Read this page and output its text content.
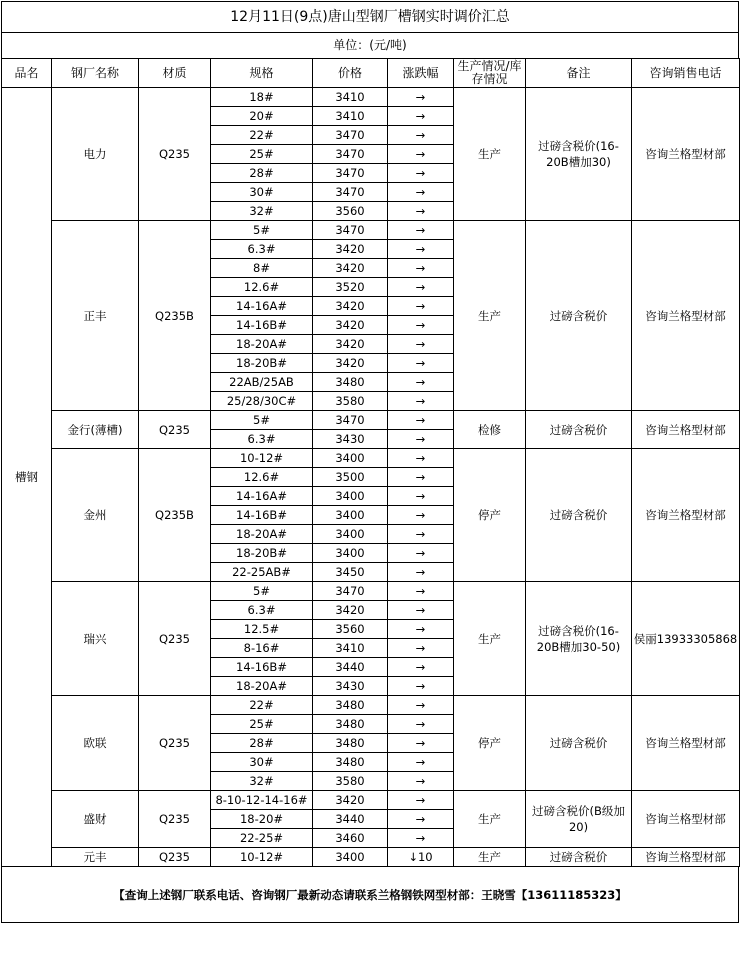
12月11日(9点)唐山型钢厂槽钢实时调价汇总
单位：(元/吨)
品名	钢厂名称	材质	规格	价格	涨跌幅	生产情况/库存情况	备注	咨询销售电话
槽钢	电力	Q235	18#	3410	→	生产	过磅含税价(16-20B槽加30)	咨询兰格型材部
			20#	3410	→			
			22#	3470	→			
			25#	3470	→			
			28#	3470	→			
			30#	3470	→			
			32#	3560	→			
	正丰	Q235B	5#	3470	→	生产	过磅含税价	咨询兰格型材部
			6.3#	3420	→			
			8#	3420	→			
			12.6#	3520	→			
			14-16A#	3420	→			
			14-16B#	3420	→			
			18-20A#	3420	→			
			18-20B#	3420	→			
			22AB/25AB	3480	→			
			25/28/30C#	3580	→			
	金行(薄槽)	Q235	5#	3470	→	检修	过磅含税价	咨询兰格型材部
			6.3#	3430	→			
	金州	Q235B	10-12#	3400	→	停产	过磅含税价	咨询兰格型材部
			12.6#	3500	→			
			14-16A#	3400	→			
			14-16B#	3400	→			
			18-20A#	3400	→			
			18-20B#	3400	→			
			22-25AB#	3450	→			
	瑞兴	Q235	5#	3470	→	生产	过磅含税价(16-20B槽加30-50)	侯丽13933305868
			6.3#	3420	→			
			12.5#	3560	→			
			8-16#	3410	→			
			14-16B#	3440	→			
			18-20A#	3430	→			
	欧联	Q235	22#	3480	→	停产	过磅含税价	咨询兰格型材部
			25#	3480	→			
			28#	3480	→			
			30#	3480	→			
			32#	3580	→			
	盛财	Q235	8-10-12-14-16#	3420	→	生产	过磅含税价(B级加20)	咨询兰格型材部
			18-20#	3440	→			
			22-25#	3460	→			
	元丰	Q235	10-12#	3400	↓10	生产	过磅含税价	咨询兰格型材部
【查询上述钢厂联系电话、咨询钢厂最新动态请联系兰格钢铁网型材部：王晓雪【13611185323】
